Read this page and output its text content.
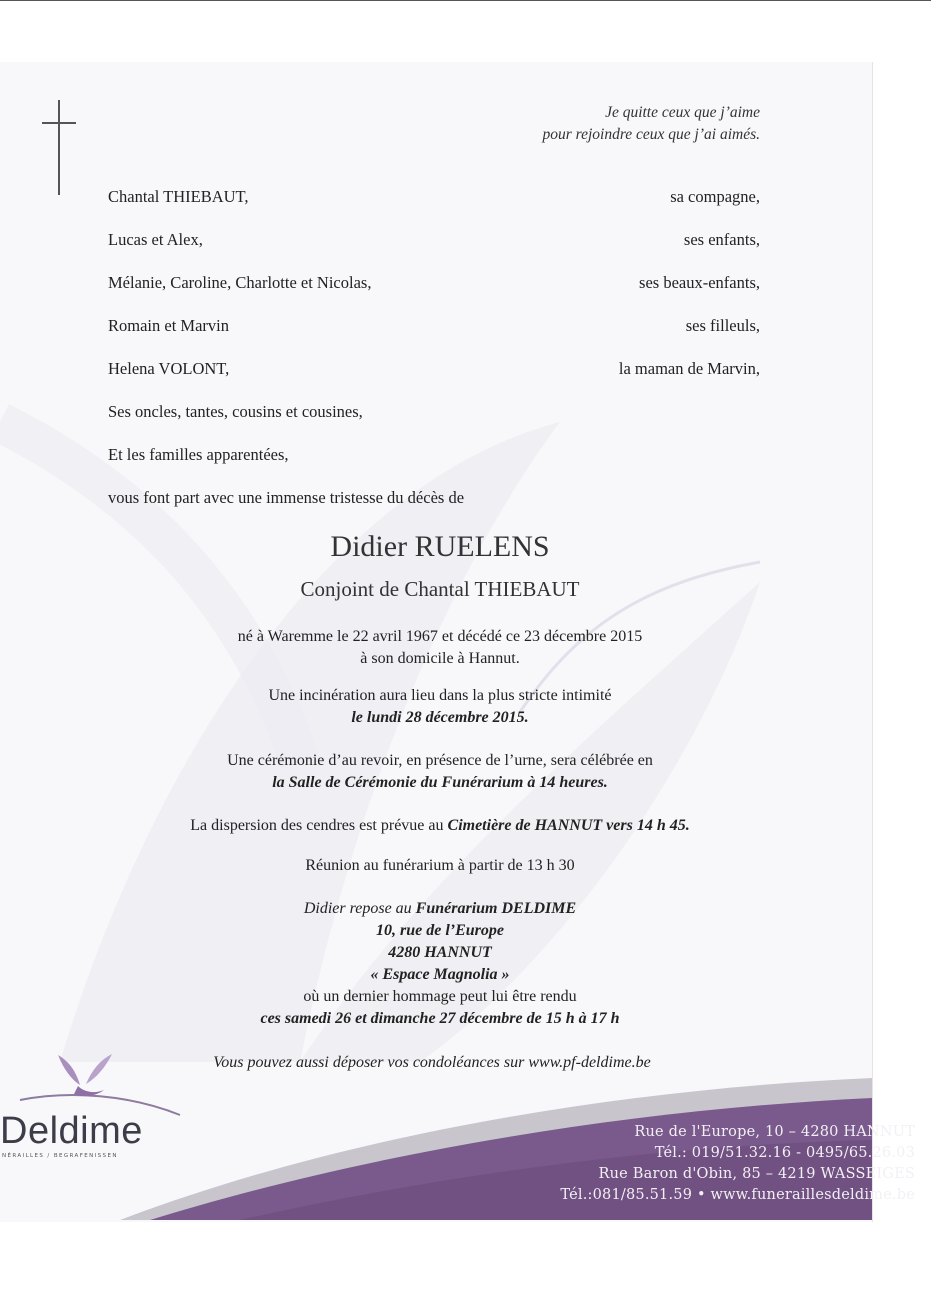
Je quitte ceux que j’aime
pour rejoindre ceux que j’ai aimés.
Chantal THIEBAUT,	sa compagne,
Lucas et Alex,	ses enfants,
Mélanie, Caroline, Charlotte et Nicolas,	ses beaux-enfants,
Romain et Marvin	ses filleuls,
Helena VOLONT,	la maman de Marvin,
Ses oncles, tantes, cousins et cousines,
Et les familles apparentées,
vous font part avec une immense tristesse du décès de
Didier RUELENS
Conjoint de Chantal THIEBAUT
né à Waremme le 22 avril 1967 et décédé ce 23 décembre 2015
à son domicile à Hannut.
Une incinération aura lieu dans la plus stricte intimité
le lundi 28 décembre 2015.
Une cérémonie d’au revoir, en présence de l’urne, sera célébrée en
la Salle de Cérémonie du Funérarium à 14 heures.
La dispersion des cendres est prévue au Cimetière de HANNUT vers 14 h 45.
Réunion au funérarium à partir de 13 h 30
Didier repose au Funérarium DELDIME
10, rue de l’Europe
4280 HANNUT
« Espace Magnolia »
où un dernier hommage peut lui être rendu
ces samedi 26 et dimanche 27 décembre de 15 h à 17 h
Vous pouvez aussi déposer vos condoléances sur www.pf-deldime.be
Deldime
NÉRAILLES / BEGRAFENISSEN
Rue de l'Europe, 10 – 4280 HANNUT
Tél.: 019/51.32.16 - 0495/65.26.03
Rue Baron d'Obin, 85 – 4219 WASSEIGES
Tél.:081/85.51.59 • www.funeraillesdeldime.be
